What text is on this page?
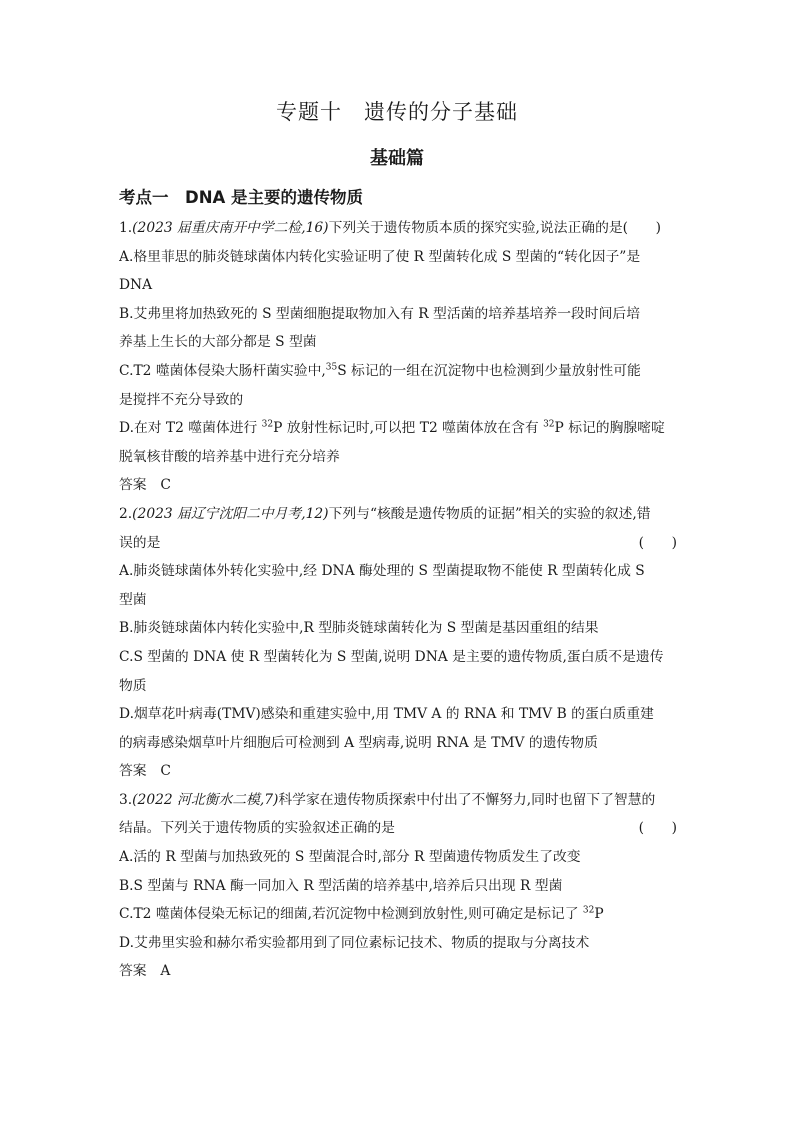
专题十　遗传的分子基础
基础篇
考点一　DNA 是主要的遗传物质
1.(2023 届重庆南开中学二检,16)下列关于遗传物质本质的探究实验,说法正确的是(　　)
A.格里菲思的肺炎链球菌体内转化实验证明了使 R 型菌转化成 S 型菌的“转化因子”是
DNA
B.艾弗里将加热致死的 S 型菌细胞提取物加入有 R 型活菌的培养基培养一段时间后培
养基上生长的大部分都是 S 型菌
C.T2 噬菌体侵染大肠杆菌实验中,$^{35}$S 标记的一组在沉淀物中也检测到少量放射性可能
是搅拌不充分导致的
D.在对 T2 噬菌体进行 $^{32}$P 放射性标记时,可以把 T2 噬菌体放在含有 $^{32}$P 标记的胸腺嘧啶
脱氧核苷酸的培养基中进行充分培养
答案　C
2.(2023 届辽宁沈阳二中月考,12)下列与“核酸是遗传物质的证据”相关的实验的叙述,错
误的是	(　　)
A.肺炎链球菌体外转化实验中,经 DNA 酶处理的 S 型菌提取物不能使 R 型菌转化成 S
型菌
B.肺炎链球菌体内转化实验中,R 型肺炎链球菌转化为 S 型菌是基因重组的结果
C.S 型菌的 DNA 使 R 型菌转化为 S 型菌,说明 DNA 是主要的遗传物质,蛋白质不是遗传
物质
D.烟草花叶病毒(TMV)感染和重建实验中,用 TMV A 的 RNA 和 TMV B 的蛋白质重建
的病毒感染烟草叶片细胞后可检测到 A 型病毒,说明 RNA 是 TMV 的遗传物质
答案　C
3.(2022 河北衡水二模,7)科学家在遗传物质探索中付出了不懈努力,同时也留下了智慧的
结晶。下列关于遗传物质的实验叙述正确的是	(　　)
A.活的 R 型菌与加热致死的 S 型菌混合时,部分 R 型菌遗传物质发生了改变
B.S 型菌与 RNA 酶一同加入 R 型活菌的培养基中,培养后只出现 R 型菌
C.T2 噬菌体侵染无标记的细菌,若沉淀物中检测到放射性,则可确定是标记了 $^{32}$P
D.艾弗里实验和赫尔希实验都用到了同位素标记技术、物质的提取与分离技术
答案　A
